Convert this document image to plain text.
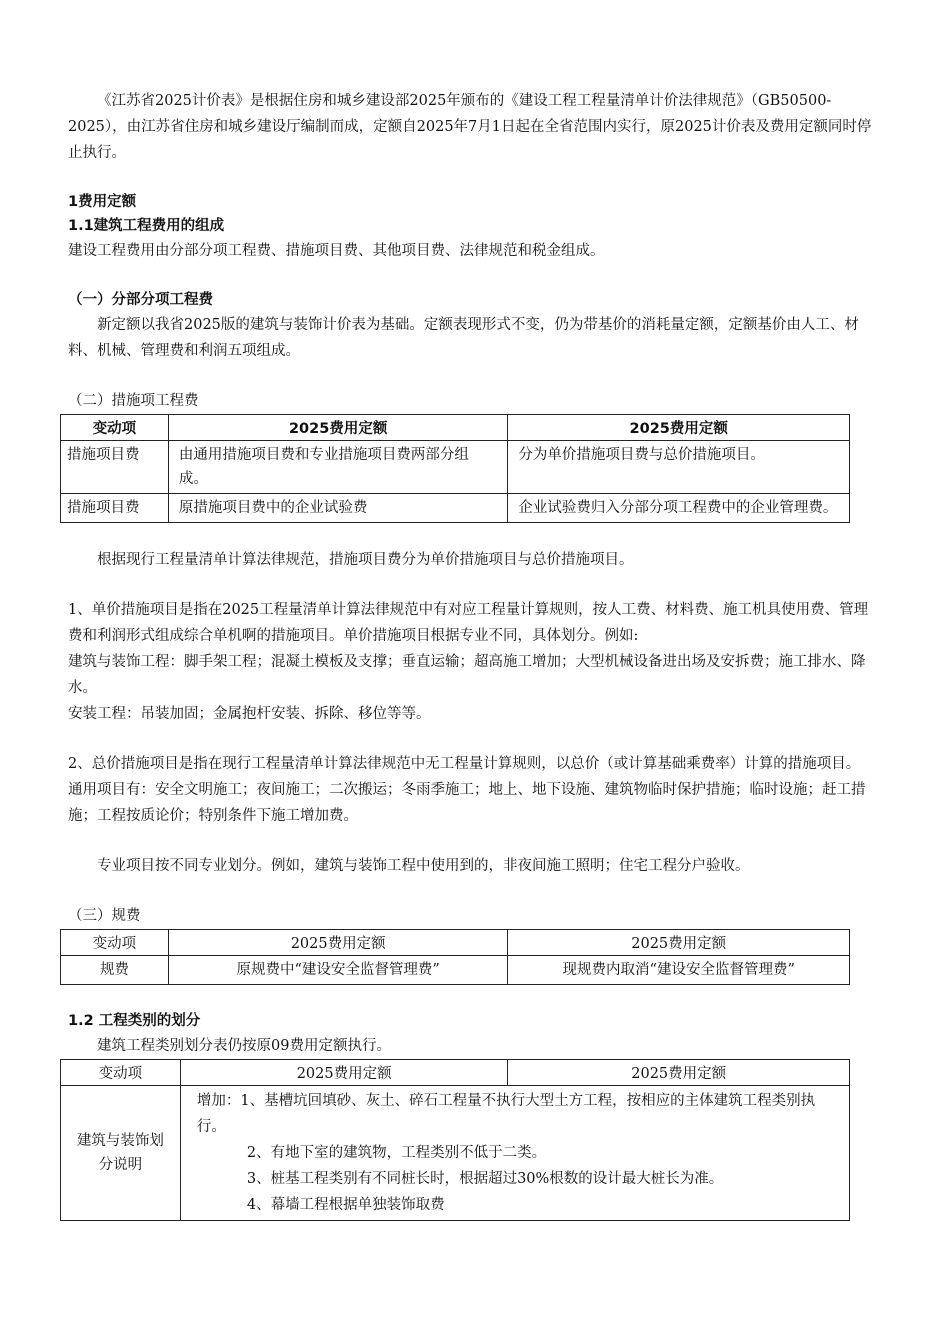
《江苏省2025计价表》是根据住房和城乡建设部2025年颁布的《建设工程工程量清单计价法律规范》（GB50500-2025），由江苏省住房和城乡建设厅编制而成，定额自2025年7月1日起在全省范围内实行，原2025计价表及费用定额同时停止执行。

1费用定额

1.1建筑工程费用的组成

建设工程费用由分部分项工程费、措施项目费、其他项目费、法律规范和税金组成。

（一）分部分项工程费

新定额以我省2025版的建筑与装饰计价表为基础。定额表现形式不变，仍为带基价的消耗量定额，定额基价由人工、材料、机械、管理费和利润五项组成。

（二）措施项工程费

变动项	2025费用定额	2025费用定额
措施项目费	由通用措施项目费和专业措施项目费两部分组成。	分为单价措施项目费与总价措施项目。
措施项目费	原措施项目费中的企业试验费	企业试验费归入分部分项工程费中的企业管理费。

根据现行工程量清单计算法律规范，措施项目费分为单价措施项目与总价措施项目。

1、单价措施项目是指在2025工程量清单计算法律规范中有对应工程量计算规则，按人工费、材料费、施工机具使用费、管理费和利润形式组成综合单机啊的措施项目。单价措施项目根据专业不同，具体划分。例如:

建筑与装饰工程：脚手架工程；混凝土模板及支撑；垂直运输；超高施工增加；大型机械设备进出场及安拆费；施工排水、降水。

安装工程：吊装加固；金属抱杆安装、拆除、移位等等。

2、总价措施项目是指在现行工程量清单计算法律规范中无工程量计算规则，以总价（或计算基础乘费率）计算的措施项目。

通用项目有：安全文明施工；夜间施工；二次搬运；冬雨季施工；地上、地下设施、建筑物临时保护措施；临时设施；赶工措施；工程按质论价；特别条件下施工增加费。

专业项目按不同专业划分。例如，建筑与装饰工程中使用到的，非夜间施工照明；住宅工程分户验收。

（三）规费

变动项	2025费用定额	2025费用定额
规费	原规费中“建设安全监督管理费”	现规费内取消“建设安全监督管理费”

1.2 工程类别的划分

建筑工程类别划分表仍按原09费用定额执行。

变动项	2025费用定额	2025费用定额
建筑与装饰划分说明	增加：1、基槽坑回填砂、灰土、碎石工程量不执行大型土方工程，按相应的主体建筑工程类别执行。

2、有地下室的建筑物，工程类别不低于二类。

3、桩基工程类别有不同桩长时，根据超过30%根数的设计最大桩长为准。

4、幕墙工程根据单独装饰取费	
